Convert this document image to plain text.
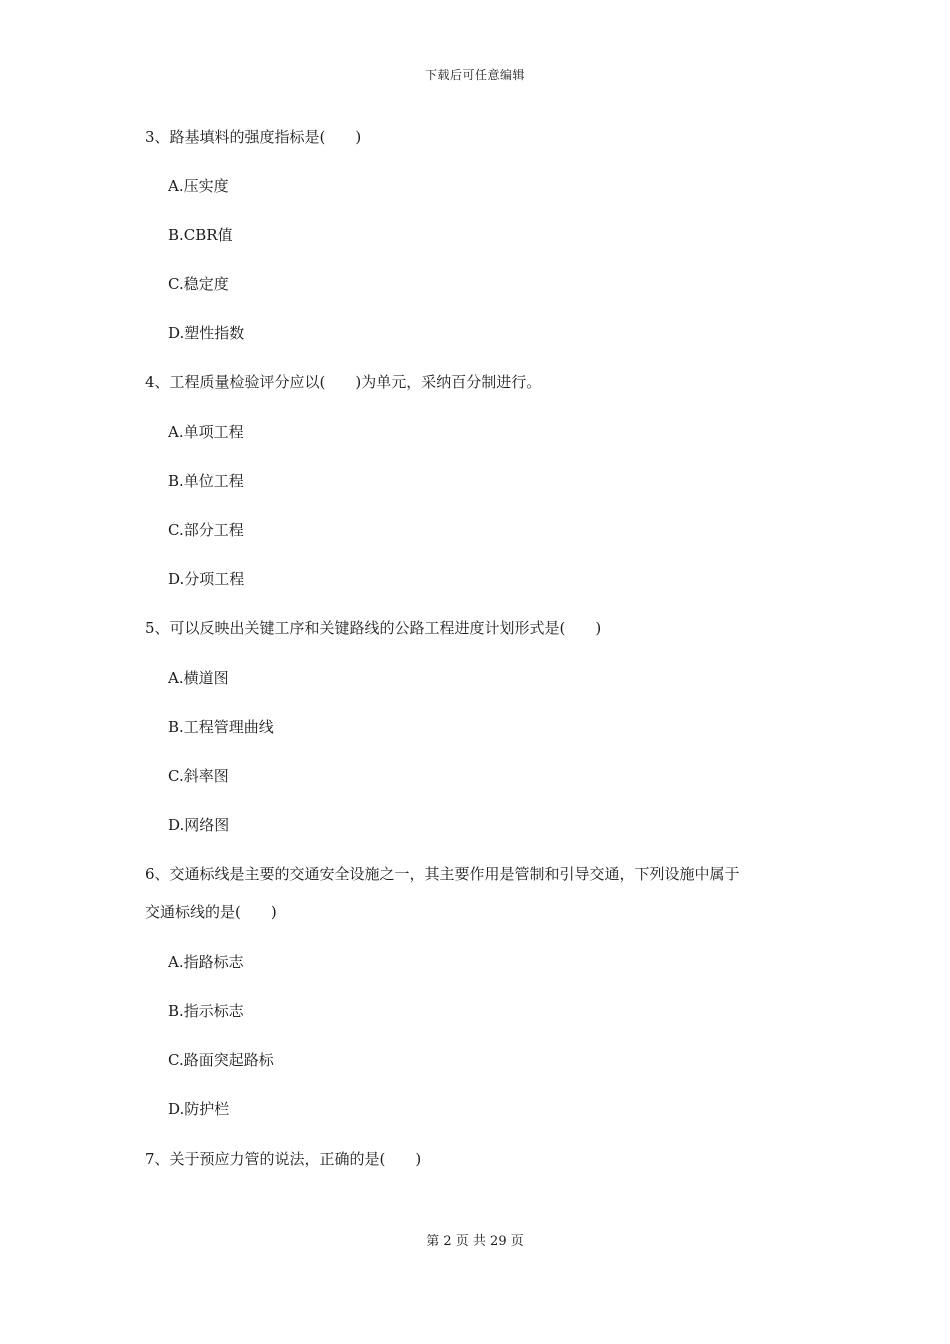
下载后可任意编辑
3、路基填料的强度指标是(　　)
A.压实度
B.CBR值
C.稳定度
D.塑性指数
4、工程质量检验评分应以(　　)为单元，采纳百分制进行。
A.单项工程
B.单位工程
C.部分工程
D.分项工程
5、可以反映出关键工序和关键路线的公路工程进度计划形式是(　　)
A.横道图
B.工程管理曲线
C.斜率图
D.网络图
6、交通标线是主要的交通安全设施之一，其主要作用是管制和引导交通，下列设施中属于
交通标线的是(　　)
A.指路标志
B.指示标志
C.路面突起路标
D.防护栏
7、关于预应力管的说法，正确的是(　　)
第 2 页 共 29 页
